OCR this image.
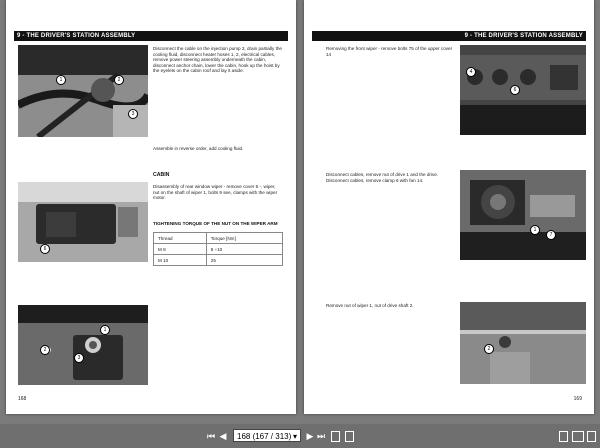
9 - THE DRIVER'S STATION ASSEMBLY
1	2
3
Disconnect the cable on the injection pump 3, drain partially the cooling fluid, disconnect heater hoses 1, 2, electrical cables, remove power steering assembly underneath the cabin, disconnect anchor chain, lower the cabin, hook up the hoist by the eyelets on the cabin roof and lay it aside.
Assemble in reverse order, add cooling fluid.
6
CABIN
Disassembly of rear window wiper - remove cover 6 -, wiper, nut on the shaft of wiper 1, bolts 9 see, clamps with the wiper motor.
TIGHTENING TORQUE OF THE NUT ON THE WIPER ARM
Thread	Torque [Nm]
M 8	8 ÷10
M 10	25
2
1
3
168
9 - THE DRIVER'S STATION ASSEMBLY
Removing the front wiper - remove bolts 75 of the upper cover 14
4
6
Disconnect cables, remove nut of drive 1 and the drive. Disconnect cables, remove clamp 6 with fan 14.
1
7
Remove nut of wiper 1, nut of drive shaft 2.
2
169
⏮ ◀	168 (167 / 313) ▾ ▶ ⏭
